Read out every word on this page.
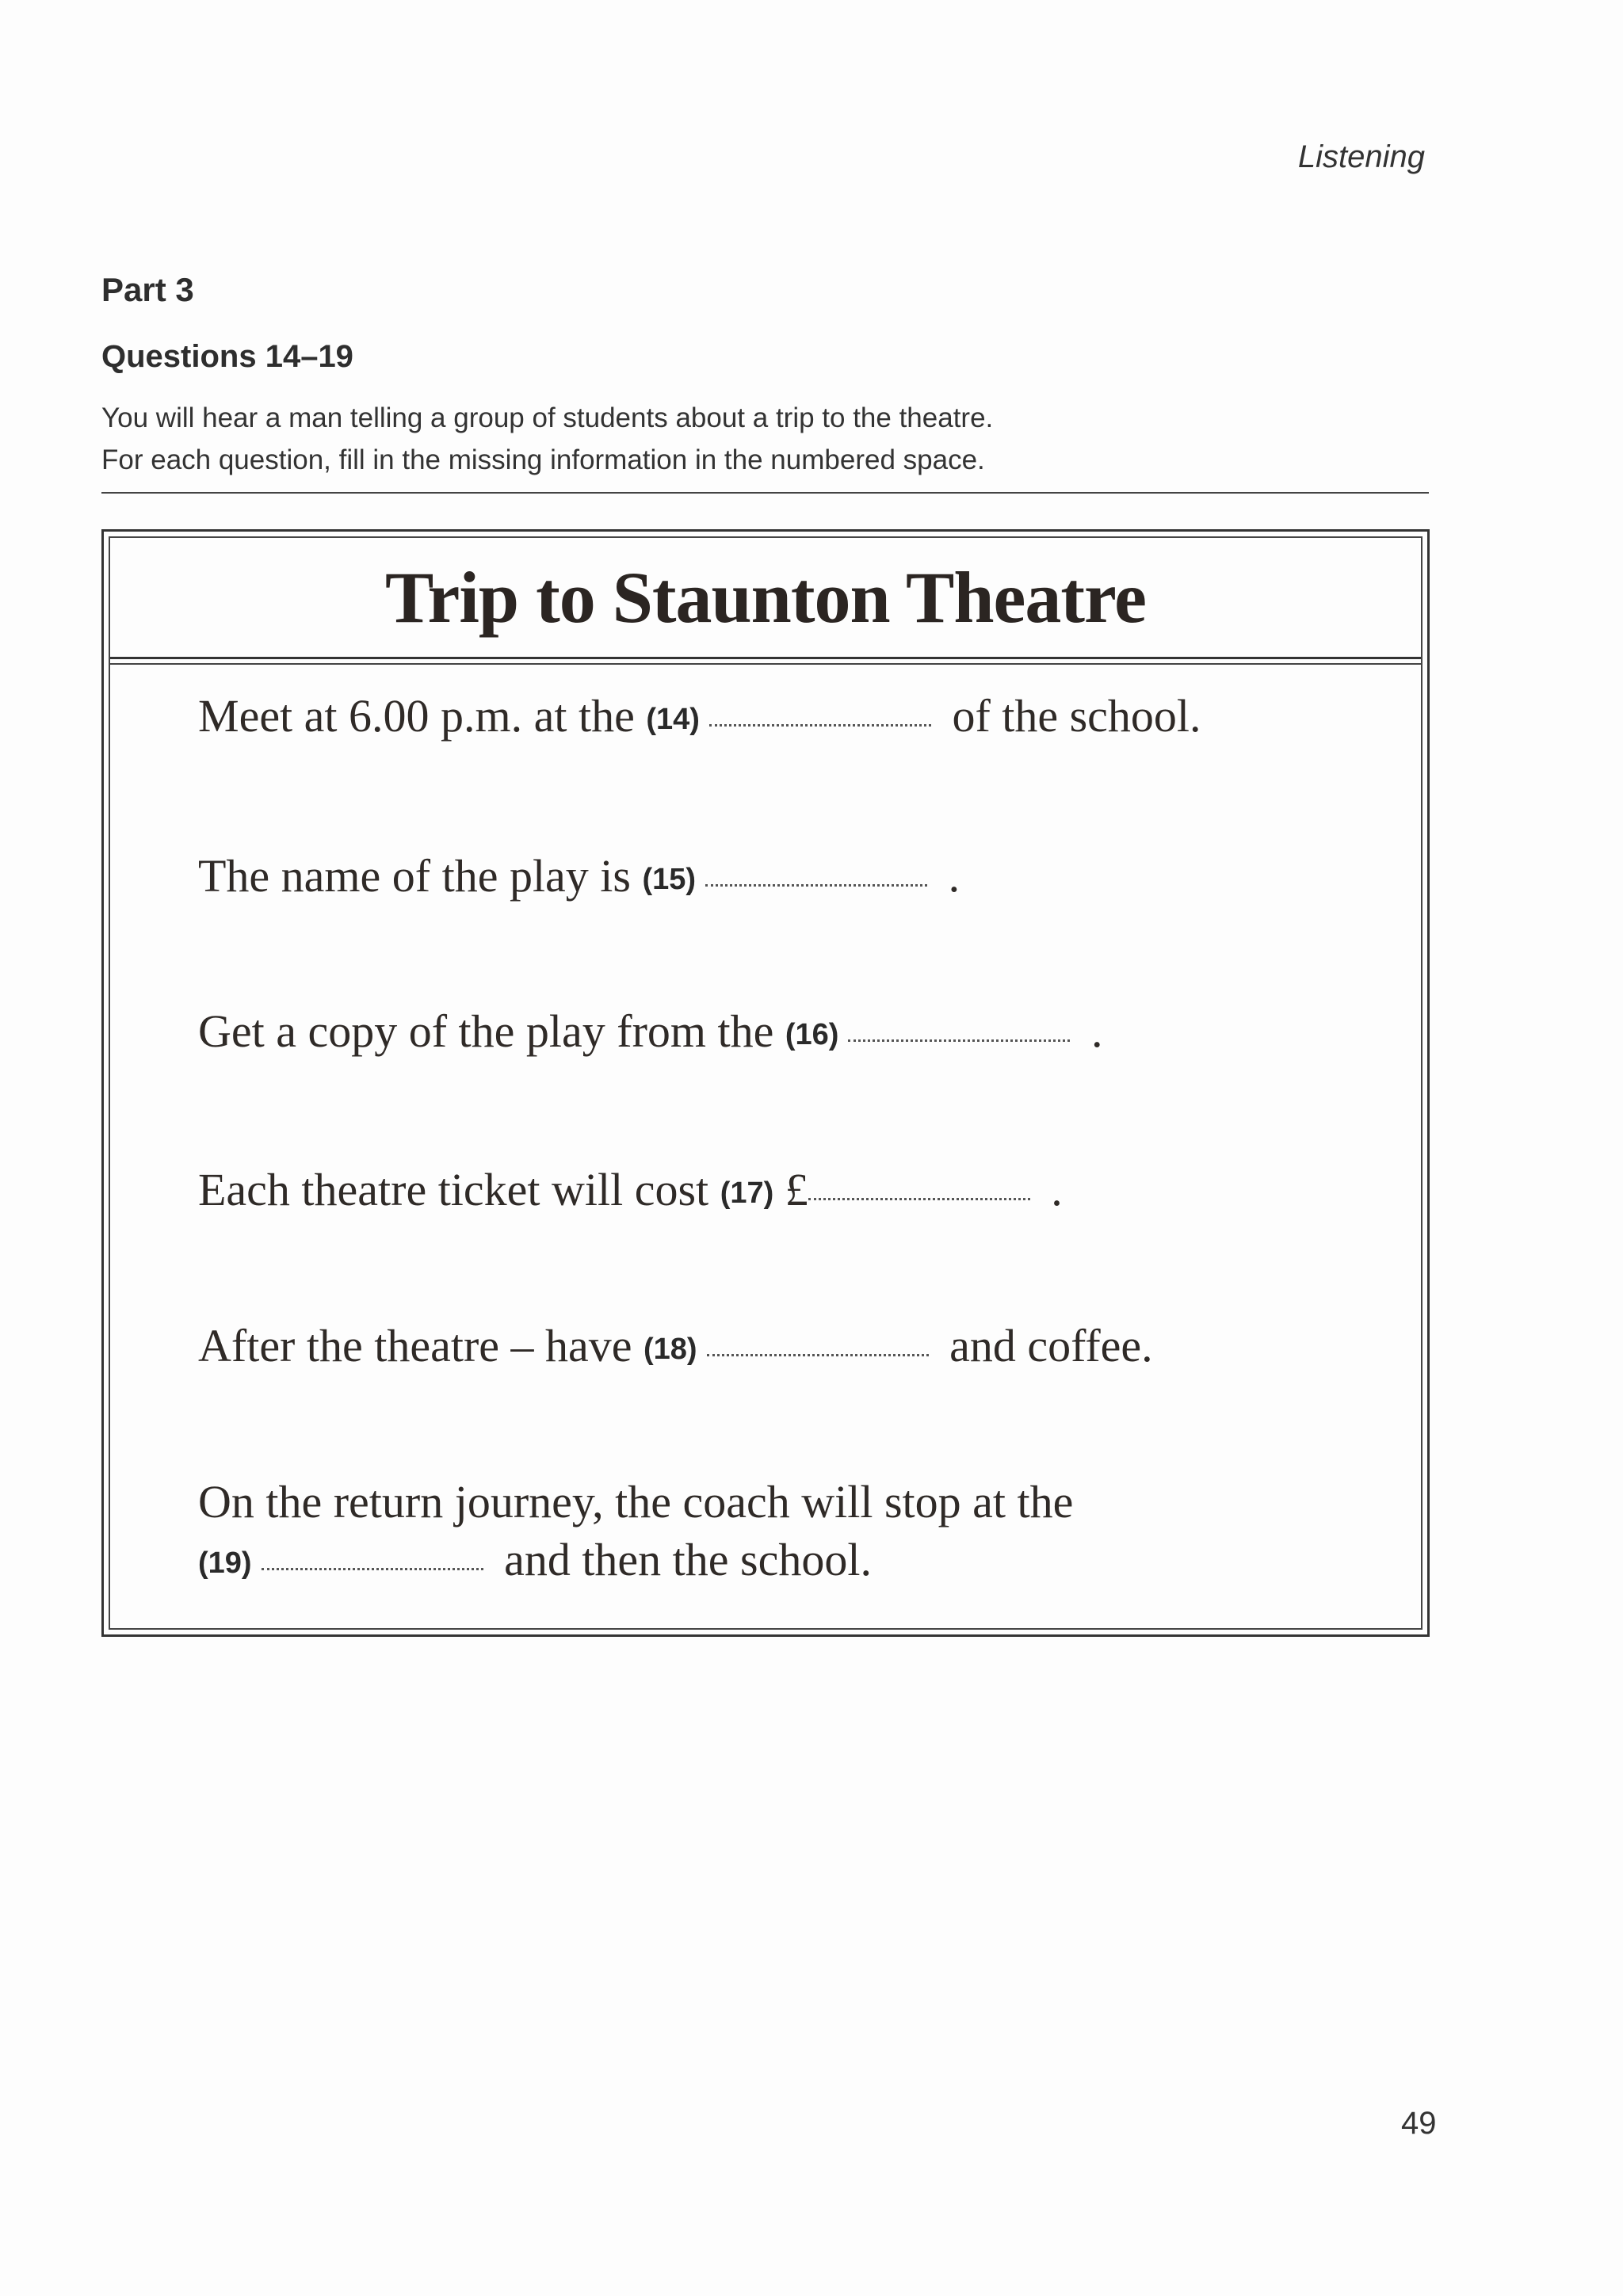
Listening
Part 3
Questions 14–19
You will hear a man telling a group of students about a trip to the theatre.
For each question, fill in the missing information in the numbered space.
Trip to Staunton Theatre
Meet at 6.00 p.m. at the (14)	of the school.
The name of the play is (15)	.
Get a copy of the play from the (16)	.
Each theatre ticket will cost (17) £	.
After the theatre – have (18)	and coffee.
On the return journey, the coach will stop at the
(19)	and then the school.
49
